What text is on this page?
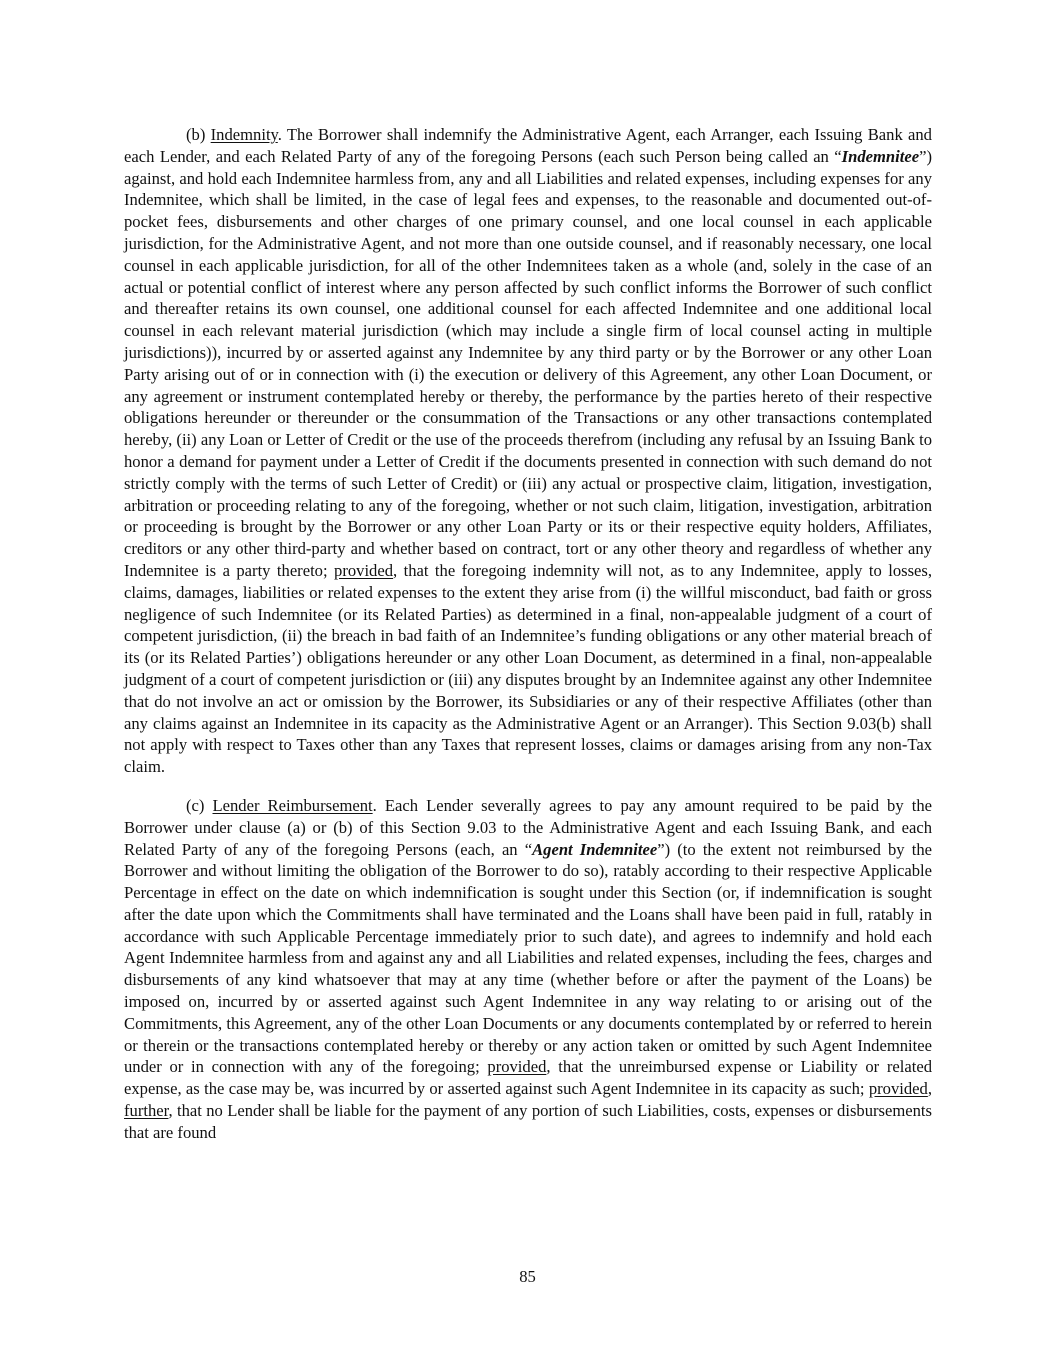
(b) Indemnity. The Borrower shall indemnify the Administrative Agent, each Arranger, each Issuing Bank and each Lender, and each Related Party of any of the foregoing Persons (each such Person being called an “Indemnitee”) against, and hold each Indemnitee harmless from, any and all Liabilities and related expenses, including expenses for any Indemnitee, which shall be limited, in the case of legal fees and expenses, to the reasonable and documented out-of-pocket fees, disbursements and other charges of one primary counsel, and one local counsel in each applicable jurisdiction, for the Administrative Agent, and not more than one outside counsel, and if reasonably necessary, one local counsel in each applicable jurisdiction, for all of the other Indemnitees taken as a whole (and, solely in the case of an actual or potential conflict of interest where any person affected by such conflict informs the Borrower of such conflict and thereafter retains its own counsel, one additional counsel for each affected Indemnitee and one additional local counsel in each relevant material jurisdiction (which may include a single firm of local counsel acting in multiple jurisdictions)), incurred by or asserted against any Indemnitee by any third party or by the Borrower or any other Loan Party arising out of or in connection with (i) the execution or delivery of this Agreement, any other Loan Document, or any agreement or instrument contemplated hereby or thereby, the performance by the parties hereto of their respective obligations hereunder or thereunder or the consummation of the Transactions or any other transactions contemplated hereby, (ii) any Loan or Letter of Credit or the use of the proceeds therefrom (including any refusal by an Issuing Bank to honor a demand for payment under a Letter of Credit if the documents presented in connection with such demand do not strictly comply with the terms of such Letter of Credit) or (iii) any actual or prospective claim, litigation, investigation, arbitration or proceeding relating to any of the foregoing, whether or not such claim, litigation, investigation, arbitration or proceeding is brought by the Borrower or any other Loan Party or its or their respective equity holders, Affiliates, creditors or any other third-party and whether based on contract, tort or any other theory and regardless of whether any Indemnitee is a party thereto; provided, that the foregoing indemnity will not, as to any Indemnitee, apply to losses, claims, damages, liabilities or related expenses to the extent they arise from (i) the willful misconduct, bad faith or gross negligence of such Indemnitee (or its Related Parties) as determined in a final, non-appealable judgment of a court of competent jurisdiction, (ii) the breach in bad faith of an Indemnitee’s funding obligations or any other material breach of its (or its Related Parties’) obligations hereunder or any other Loan Document, as determined in a final, non-appealable judgment of a court of competent jurisdiction or (iii) any disputes brought by an Indemnitee against any other Indemnitee that do not involve an act or omission by the Borrower, its Subsidiaries or any of their respective Affiliates (other than any claims against an Indemnitee in its capacity as the Administrative Agent or an Arranger). This Section 9.03(b) shall not apply with respect to Taxes other than any Taxes that represent losses, claims or damages arising from any non-Tax claim.

(c) Lender Reimbursement. Each Lender severally agrees to pay any amount required to be paid by the Borrower under clause (a) or (b) of this Section 9.03 to the Administrative Agent and each Issuing Bank, and each Related Party of any of the foregoing Persons (each, an “Agent Indemnitee”) (to the extent not reimbursed by the Borrower and without limiting the obligation of the Borrower to do so), ratably according to their respective Applicable Percentage in effect on the date on which indemnification is sought under this Section (or, if indemnification is sought after the date upon which the Commitments shall have terminated and the Loans shall have been paid in full, ratably in accordance with such Applicable Percentage immediately prior to such date), and agrees to indemnify and hold each Agent Indemnitee harmless from and against any and all Liabilities and related expenses, including the fees, charges and disbursements of any kind whatsoever that may at any time (whether before or after the payment of the Loans) be imposed on, incurred by or asserted against such Agent Indemnitee in any way relating to or arising out of the Commitments, this Agreement, any of the other Loan Documents or any documents contemplated by or referred to herein or therein or the transactions contemplated hereby or thereby or any action taken or omitted by such Agent Indemnitee under or in connection with any of the foregoing; provided, that the unreimbursed expense or Liability or related expense, as the case may be, was incurred by or asserted against such Agent Indemnitee in its capacity as such; provided, further, that no Lender shall be liable for the payment of any portion of such Liabilities, costs, expenses or disbursements that are found

85
